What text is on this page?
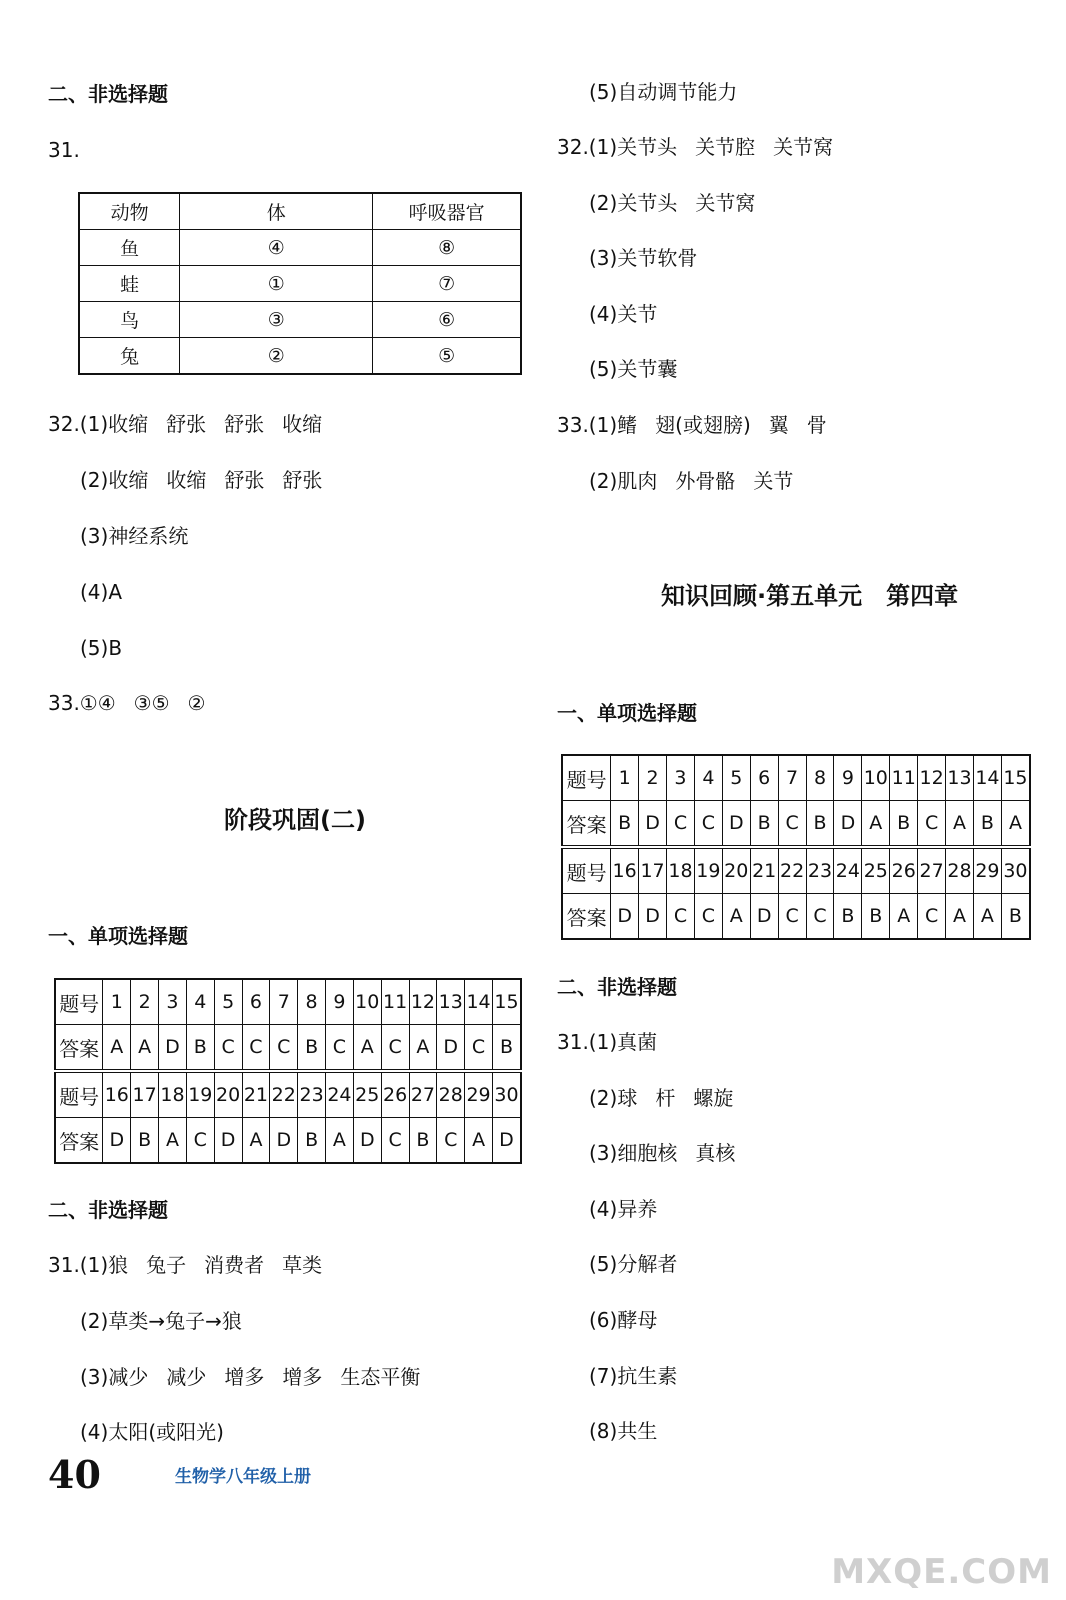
二、非选择题
31.
动物	体	呼吸器官
鱼	④	⑧
蛙	①	⑦
鸟	③	⑥
兔	②	⑤
32.(1)收缩 舒张 舒张 收缩
(2)收缩 收缩 舒张 舒张
(3)神经系统
(4)A
(5)B
33.①④ ③⑤ ②
阶段巩固(二)
一、单项选择题
题号	1	2	3	4	5	6	7	8	9	10	11	12	13	14	15
答案	A	A	D	B	C	C	C	B	C	A	C	A	D	C	B
题号	16	17	18	19	20	21	22	23	24	25	26	27	28	29	30
答案	D	B	A	C	D	A	D	B	A	D	C	B	C	A	D
二、非选择题
31.(1)狼 兔子 消费者 草类
(2)草类→兔子→狼
(3)减少 减少 增多 增多 生态平衡
(4)太阳(或阳光)
(5)自动调节能力
32.(1)关节头 关节腔 关节窝
(2)关节头 关节窝
(3)关节软骨
(4)关节
(5)关节囊
33.(1)鳍 翅(或翅膀) 翼 骨
(2)肌肉 外骨骼 关节
知识回顾·第五单元　第四章
一、单项选择题
题号	1	2	3	4	5	6	7	8	9	10	11	12	13	14	15
答案	B	D	C	C	D	B	C	B	D	A	B	C	A	B	A
题号	16	17	18	19	20	21	22	23	24	25	26	27	28	29	30
答案	D	D	C	C	A	D	C	C	B	B	A	C	A	A	B
二、非选择题
31.(1)真菌
(2)球 杆 螺旋
(3)细胞核 真核
(4)异养
(5)分解者
(6)酵母
(7)抗生素
(8)共生
40	生物学八年级上册
MXQE.COM
